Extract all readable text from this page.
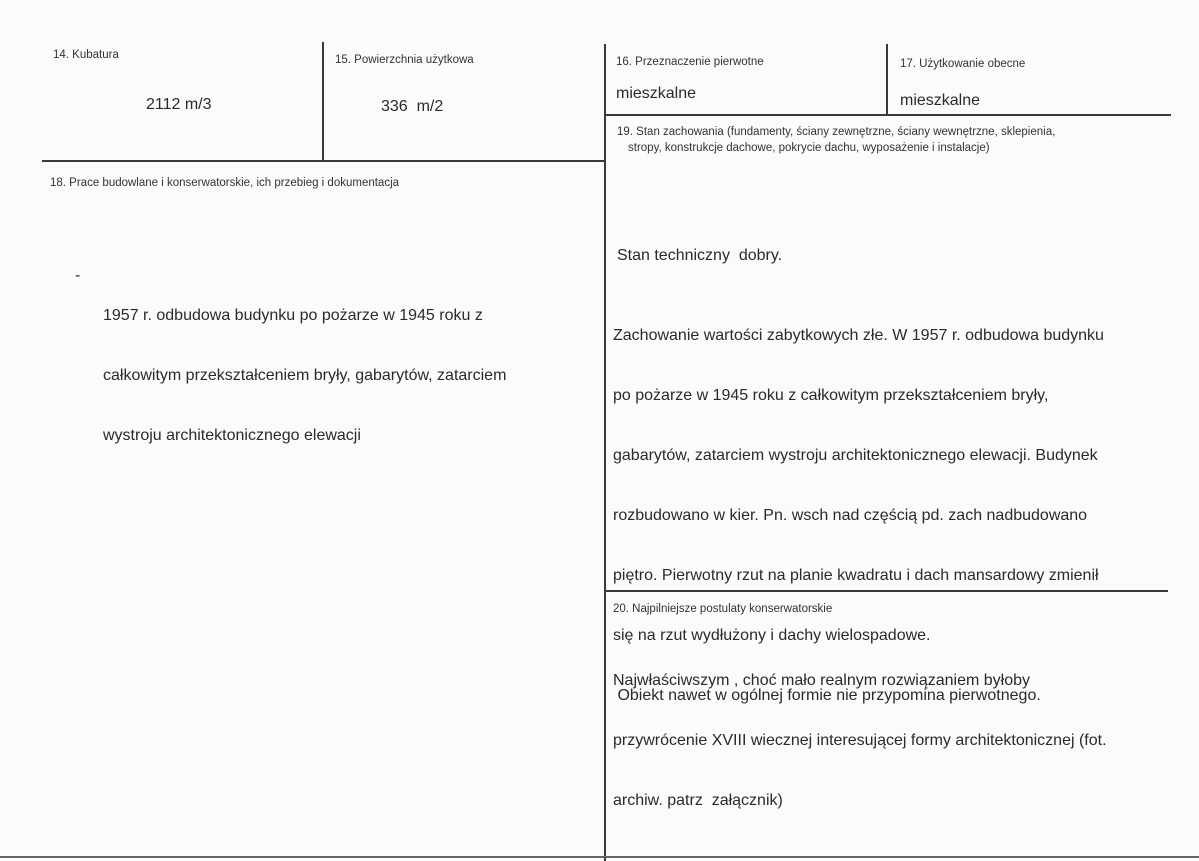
14. Kubatura
2112 m/3
15. Powierzchnia użytkowa
336  m/2
16. Przeznaczenie pierwotne
mieszkalne
17. Użytkowanie obecne
mieszkalne
19. Stan zachowania (fundamenty, ściany zewnętrzne, ściany wewnętrzne, sklepienia,
stropy, konstrukcje dachowe, pokrycie dachu, wyposażenie i instalacje)
18. Prace budowlane i konserwatorskie, ich przebieg i dokumentacja
-

1957 r. odbudowa budynku po pożarze w 1945 roku z

całkowitym przekształceniem bryły, gabarytów, zatarciem

wystroju architektonicznego elewacji

Stan techniczny  dobry.

Zachowanie wartości zabytkowych złe. W 1957 r. odbudowa budynku

po pożarze w 1945 roku z całkowitym przekształceniem bryły,

gabarytów, zatarciem wystroju architektonicznego elewacji. Budynek

rozbudowano w kier. Pn. wsch nad częścią pd. zach nadbudowano

piętro. Pierwotny rzut na planie kwadratu i dach mansardowy zmienił

się na rzut wydłużony i dachy wielospadowe.

Obiekt nawet w ogólnej formie nie przypomina pierwotnego.

20. Najpilniejsze postulaty konserwatorskie

Najwłaściwszym , choć mało realnym rozwiązaniem byłoby

przywrócenie XVIII wiecznej interesującej formy architektonicznej (fot.

archiw. patrz  załącznik)
